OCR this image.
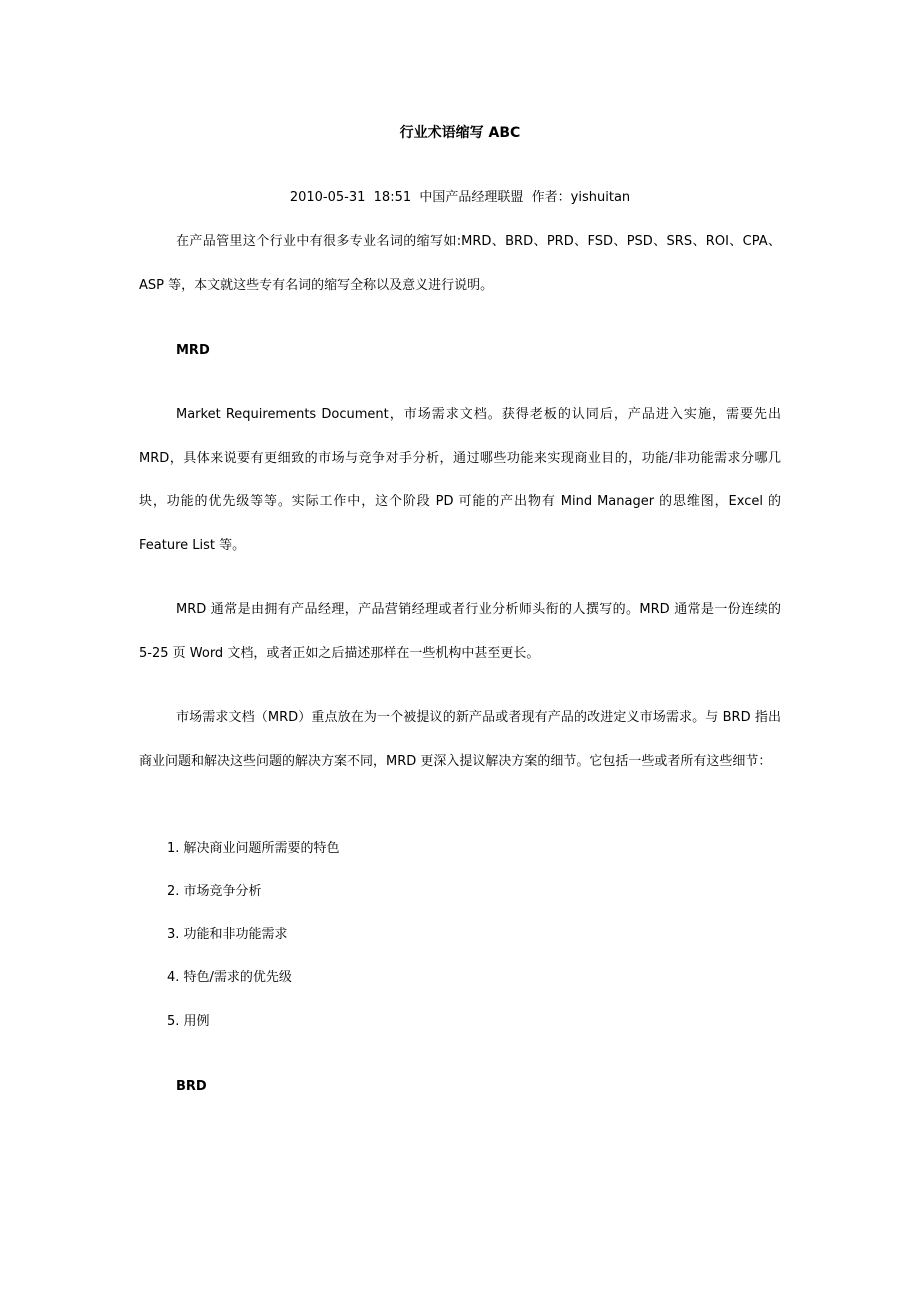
行业术语缩写 ABC
2010-05-31 18:51 中国产品经理联盟 作者：yishuitan

在产品管里这个行业中有很多专业名词的缩写如:MRD、BRD、PRD、FSD、PSD、SRS、ROI、CPA、ASP 等，本文就这些专有名词的缩写全称以及意义进行说明。

MRD

Market Requirements Document，市场需求文档。获得老板的认同后，产品进入实施，需要先出 MRD，具体来说要有更细致的市场与竞争对手分析，通过哪些功能来实现商业目的，功能/非功能需求分哪几块，功能的优先级等等。实际工作中，这个阶段 PD 可能的产出物有 Mind Manager 的思维图，Excel 的 Feature List 等。

MRD 通常是由拥有产品经理，产品营销经理或者行业分析师头衔的人撰写的。MRD 通常是一份连续的 5-25 页 Word 文档，或者正如之后描述那样在一些机构中甚至更长。

市场需求文档（MRD）重点放在为一个被提议的新产品或者现有产品的改进定义市场需求。与 BRD 指出商业问题和解决这些问题的解决方案不同，MRD 更深入提议解决方案的细节。它包括一些或者所有这些细节：

1. 解决商业问题所需要的特色
2. 市场竞争分析
3. 功能和非功能需求
4. 特色/需求的优先级
5. 用例
BRD
